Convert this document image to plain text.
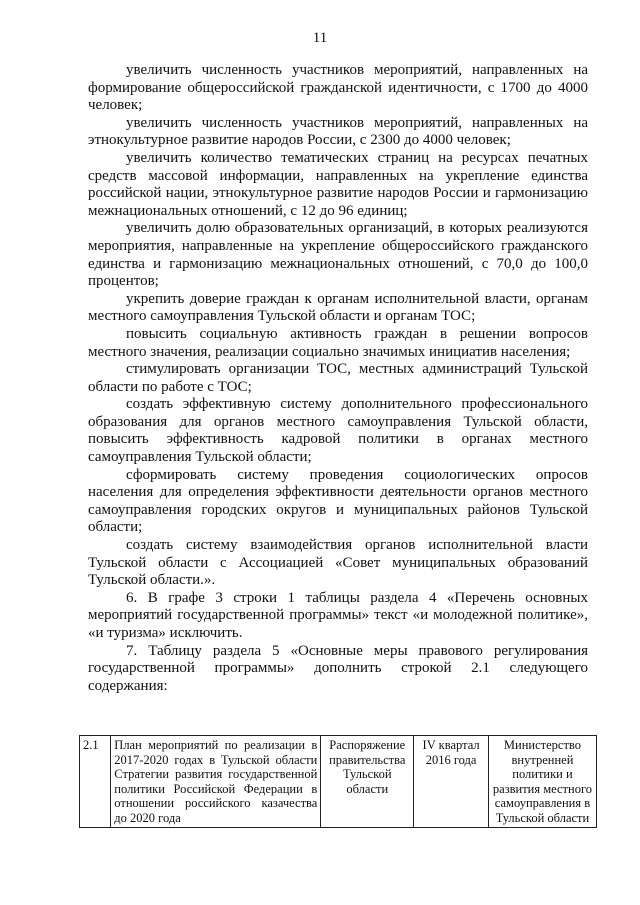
11

увеличить численность участников мероприятий, направленных на формирование общероссийской гражданской идентичности, с 1700 до 4000 человек;

увеличить численность участников мероприятий, направленных на этнокультурное развитие народов России, с 2300 до 4000 человек;

увеличить количество тематических страниц на ресурсах печатных средств массовой информации, направленных на укрепление единства российской нации, этнокультурное развитие народов России и гармонизацию межнациональных отношений, с 12 до 96 единиц;

увеличить долю образовательных организаций, в которых реализуются мероприятия, направленные на укрепление общероссийского гражданского единства и гармонизацию межнациональных отношений, с 70,0 до 100,0 процентов;

укрепить доверие граждан к органам исполнительной власти, органам местного самоуправления Тульской области и органам ТОС;

повысить социальную активность граждан в решении вопросов местного значения, реализации социально значимых инициатив населения;

стимулировать организации ТОС, местных администраций Тульской области по работе с ТОС;

создать эффективную систему дополнительного профессионального образования для органов местного самоуправления Тульской области, повысить эффективность кадровой политики в органах местного самоуправления Тульской области;

сформировать систему проведения социологических опросов населения для определения эффективности деятельности органов местного самоуправления городских округов и муниципальных районов Тульской области;

создать систему взаимодействия органов исполнительной власти Тульской области с Ассоциацией «Совет муниципальных образований Тульской области.».

6. В графе 3 строки 1 таблицы раздела 4 «Перечень основных мероприятий государственной программы» текст «и молодежной политике», «и туризма» исключить.

7. Таблицу раздела 5 «Основные меры правового регулирования государственной программы» дополнить строкой 2.1 следующего содержания:

2.1	План мероприятий по реализации в 2017-2020 годах в Тульской области Стратегии развития государственной политики Российской Федерации в отношении российского казачества до 2020 года	Распоряжение правительства Тульской области	IV квартал 2016 года	Министерство внутренней политики и развития местного самоуправления в Тульской области
